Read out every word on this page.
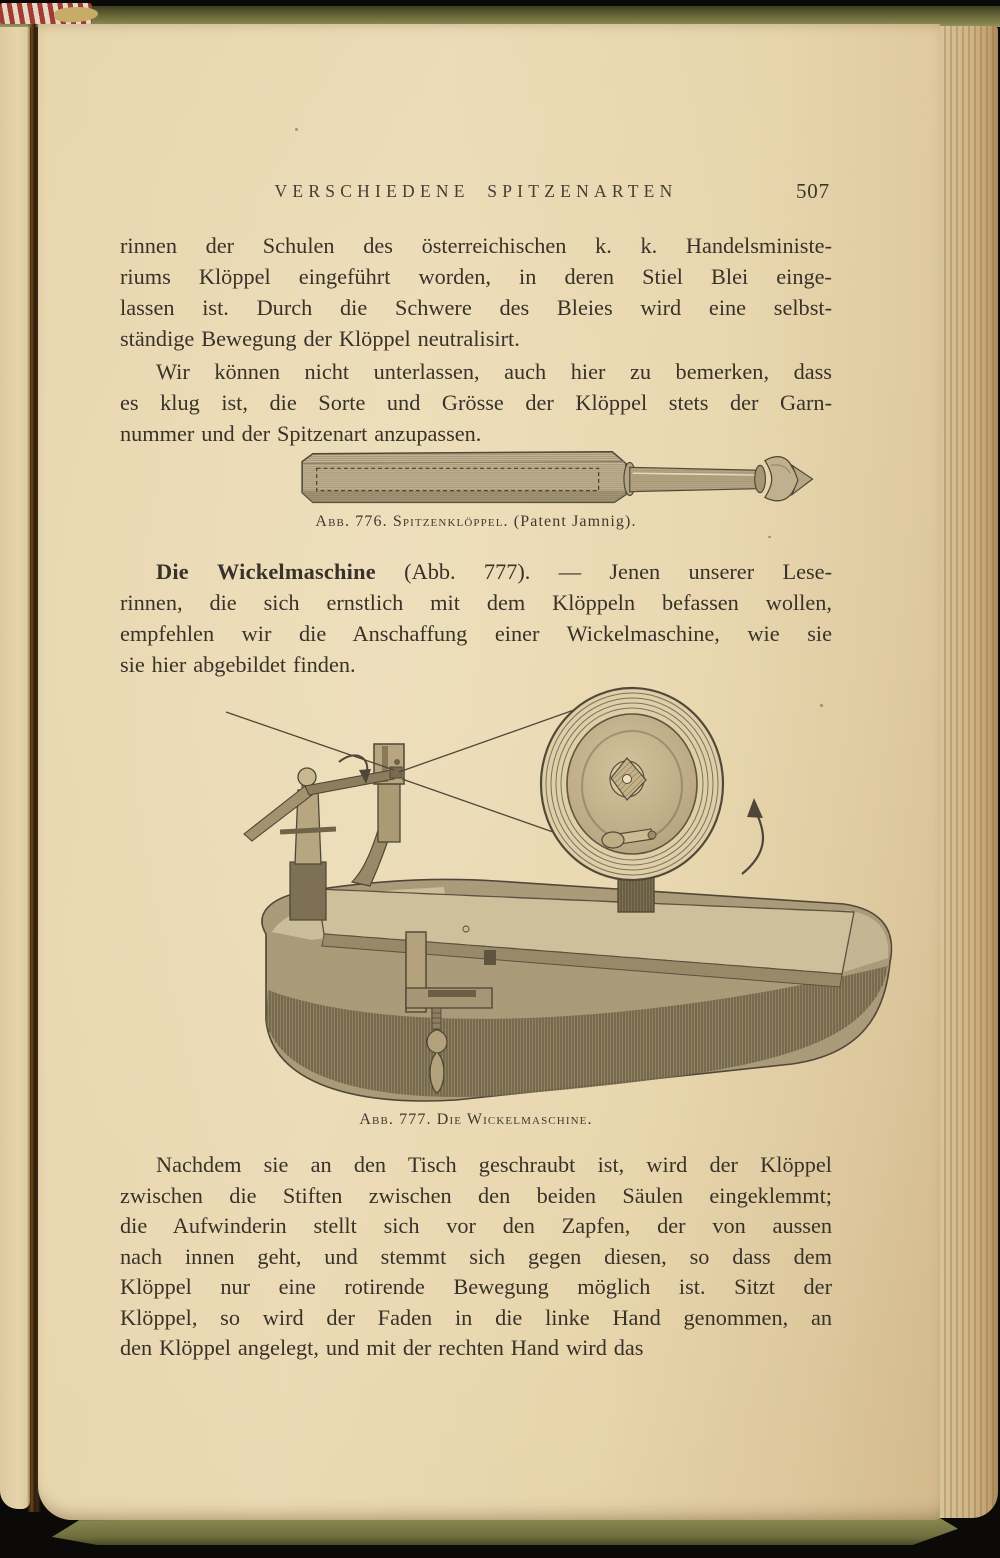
VERSCHIEDENE SPITZENARTEN	507
rinnen der Schulen des österreichischen k. k. Handelsministe-
riums Klöppel eingeführt worden, in deren Stiel Blei einge-
lassen ist. Durch die Schwere des Bleies wird eine selbst-
ständige Bewegung der Klöppel neutralisirt.
Wir können nicht unterlassen, auch hier zu bemerken, dass
es klug ist, die Sorte und Grösse der Klöppel stets der Garn-
nummer und der Spitzenart anzupassen.
Abb. 776. Spitzenklöppel. (Patent Jamnig).
Die Wickelmaschine (Abb. 777). — Jenen unserer Lese-
rinnen, die sich ernstlich mit dem Klöppeln befassen wollen,
empfehlen wir die Anschaffung einer Wickelmaschine, wie sie
sie hier abgebildet finden.
Abb. 777. Die Wickelmaschine.
Nachdem sie an den Tisch geschraubt ist, wird der Klöppel
zwischen die Stiften zwischen den beiden Säulen eingeklemmt;
die Aufwinderin stellt sich vor den Zapfen, der von aussen
nach innen geht, und stemmt sich gegen diesen, so dass dem
Klöppel nur eine rotirende Bewegung möglich ist. Sitzt der
Klöppel, so wird der Faden in die linke Hand genommen, an
den Klöppel angelegt, und mit der rechten Hand wird das
